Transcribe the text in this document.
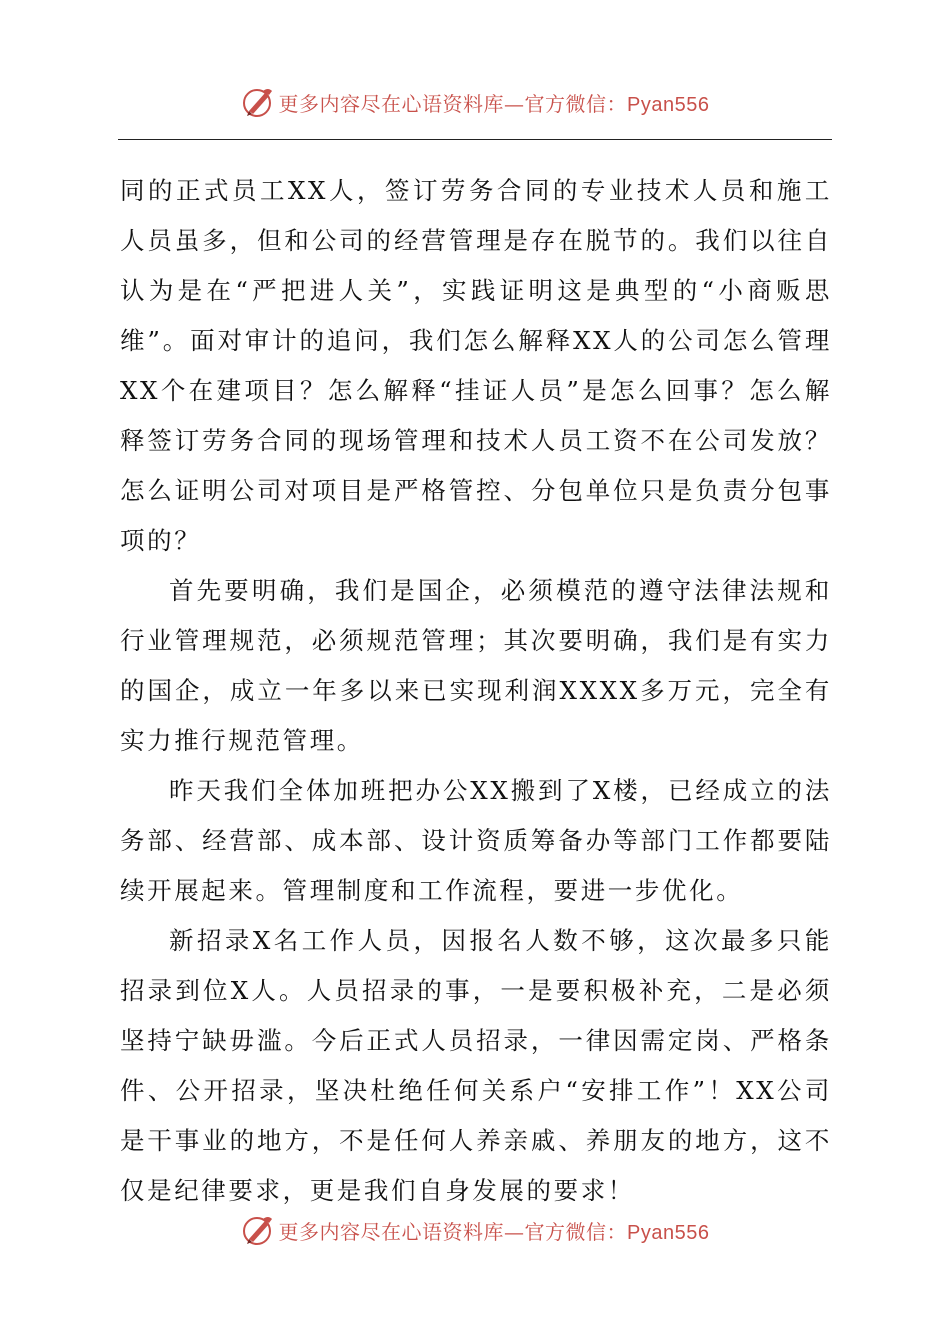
更多内容尽在心语资料库—官方微信：Pyan556

同的正式员工XX人，签订劳务合同的专业技术人员和施工人员虽多，但和公司的经营管理是存在脱节的。我们以往自认为是在“严把进人关”，实践证明这是典型的“小商贩思维”。面对审计的追问，我们怎么解释XX人的公司怎么管理XX个在建项目？怎么解释“挂证人员”是怎么回事？怎么解释签订劳务合同的现场管理和技术人员工资不在公司发放？怎么证明公司对项目是严格管控、分包单位只是负责分包事项的？

首先要明确，我们是国企，必须模范的遵守法律法规和行业管理规范，必须规范管理；其次要明确，我们是有实力的国企，成立一年多以来已实现利润XXXX多万元，完全有实力推行规范管理。

昨天我们全体加班把办公XX搬到了X楼，已经成立的法务部、经营部、成本部、设计资质筹备办等部门工作都要陆续开展起来。管理制度和工作流程，要进一步优化。

新招录X名工作人员，因报名人数不够，这次最多只能招录到位X人。人员招录的事，一是要积极补充，二是必须坚持宁缺毋滥。今后正式人员招录，一律因需定岗、严格条件、公开招录，坚决杜绝任何关系户“安排工作”！XX公司是干事业的地方，不是任何人养亲戚、养朋友的地方，这不仅是纪律要求，更是我们自身发展的要求！

更多内容尽在心语资料库—官方微信：Pyan556
